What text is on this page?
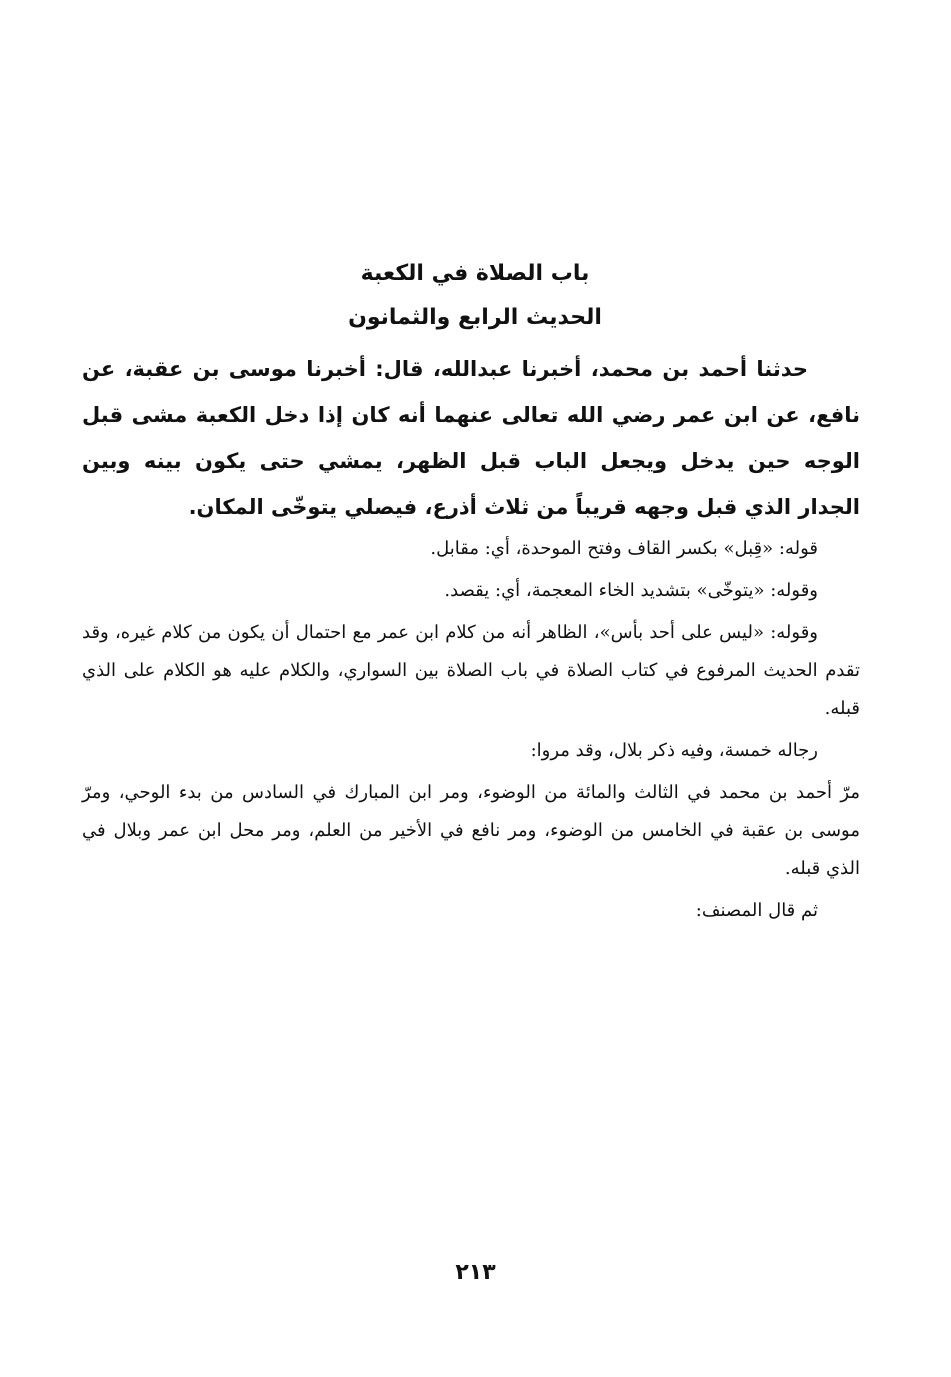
باب الصلاة في الكعبة

الحديث الرابع والثمانون

حدثنا أحمد بن محمد، أخبرنا عبدالله، قال: أخبرنا موسى بن عقبة، عن نافع، عن ابن عمر رضي الله تعالى عنهما أنه كان إذا دخل الكعبة مشى قبل الوجه حين يدخل ويجعل الباب قبل الظهر، يمشي حتى يكون بينه وبين الجدار الذي قبل وجهه قريباً من ثلاث أذرع، فيصلي يتوخّى المكان.

قوله: «قِبل» بكسر القاف وفتح الموحدة، أي: مقابل.

وقوله: «يتوخّى» بتشديد الخاء المعجمة، أي: يقصد.

وقوله: «ليس على أحد بأس»، الظاهر أنه من كلام ابن عمر مع احتمال أن يكون من كلام غيره، وقد تقدم الحديث المرفوع في كتاب الصلاة في باب الصلاة بين السواري، والكلام عليه هو الكلام على الذي قبله.

رجاله خمسة، وفيه ذكر بلال، وقد مروا:

مرّ أحمد بن محمد في الثالث والمائة من الوضوء، ومر ابن المبارك في السادس من بدء الوحي، ومرّ موسى بن عقبة في الخامس من الوضوء، ومر نافع في الأخير من العلم، ومر محل ابن عمر وبلال في الذي قبله.

ثم قال المصنف:

٢١٣
